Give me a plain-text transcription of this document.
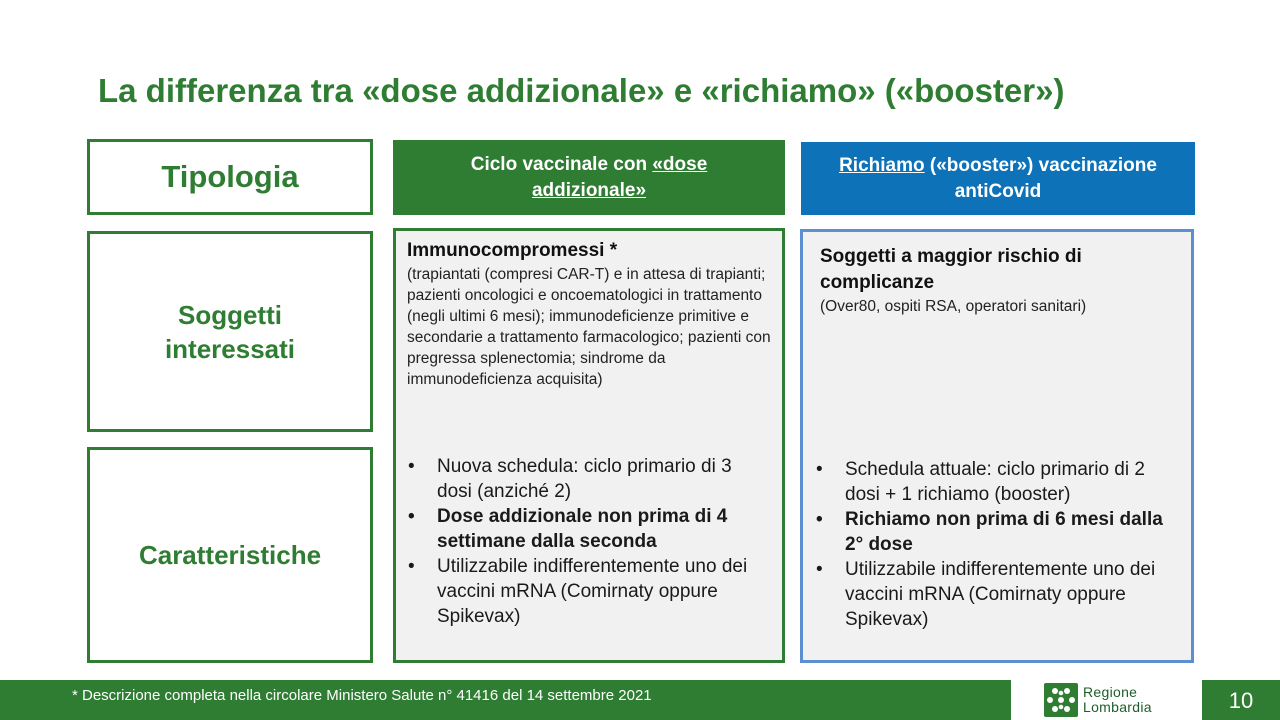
La differenza tra «dose addizionale» e «richiamo» («booster»)
Tipologia
Soggetti
interessati
Caratteristiche
Ciclo vaccinale con «dose
addizionale»
Richiamo («booster») vaccinazione
antiCovid
Immunocompromessi *
(trapiantati (compresi CAR-T) e in attesa di trapianti; pazienti oncologici e oncoematologici in trattamento (negli ultimi 6 mesi); immunodeficienze primitive e secondarie a trattamento farmacologico; pazienti con pregressa splenectomia; sindrome da immunodeficienza acquisita)
• Nuova schedula: ciclo primario di 3 dosi (anziché 2)
• Dose addizionale non prima di 4 settimane dalla seconda
• Utilizzabile indifferentemente uno dei vaccini mRNA (Comirnaty oppure Spikevax)
Soggetti a maggior rischio di complicanze
(Over80, ospiti RSA, operatori sanitari)
• Schedula attuale: ciclo primario di 2 dosi + 1 richiamo (booster)
• Richiamo non prima di 6 mesi dalla 2° dose
• Utilizzabile indifferentemente uno dei vaccini mRNA (Comirnaty oppure Spikevax)
* Descrizione completa nella circolare Ministero Salute n° 41416 del 14 settembre 2021	Regione
Lombardia	10
